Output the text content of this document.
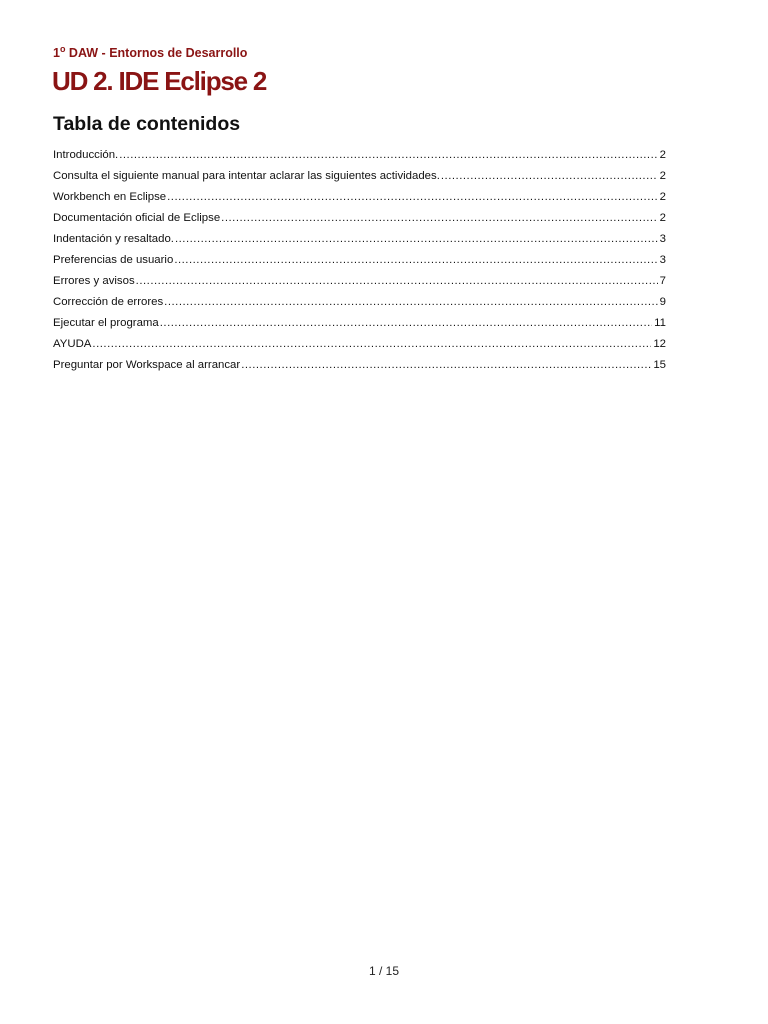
1$^o$ DAW - Entornos de Desarrollo
UD 2. IDE Eclipse 2
Tabla de contenidos
Introducción. .....	2
Consulta el siguiente manual para intentar aclarar las siguientes actividades. .....	2
Workbench en Eclipse .....	2
Documentación oficial de Eclipse .....	2
Indentación y resaltado. .....	3
Preferencias de usuario .....	3
Errores y avisos .....	7
Corrección de errores .....	9
Ejecutar el programa .....	11
AYUDA .....	12
Preguntar por Workspace al arrancar .....	15
1 / 15
